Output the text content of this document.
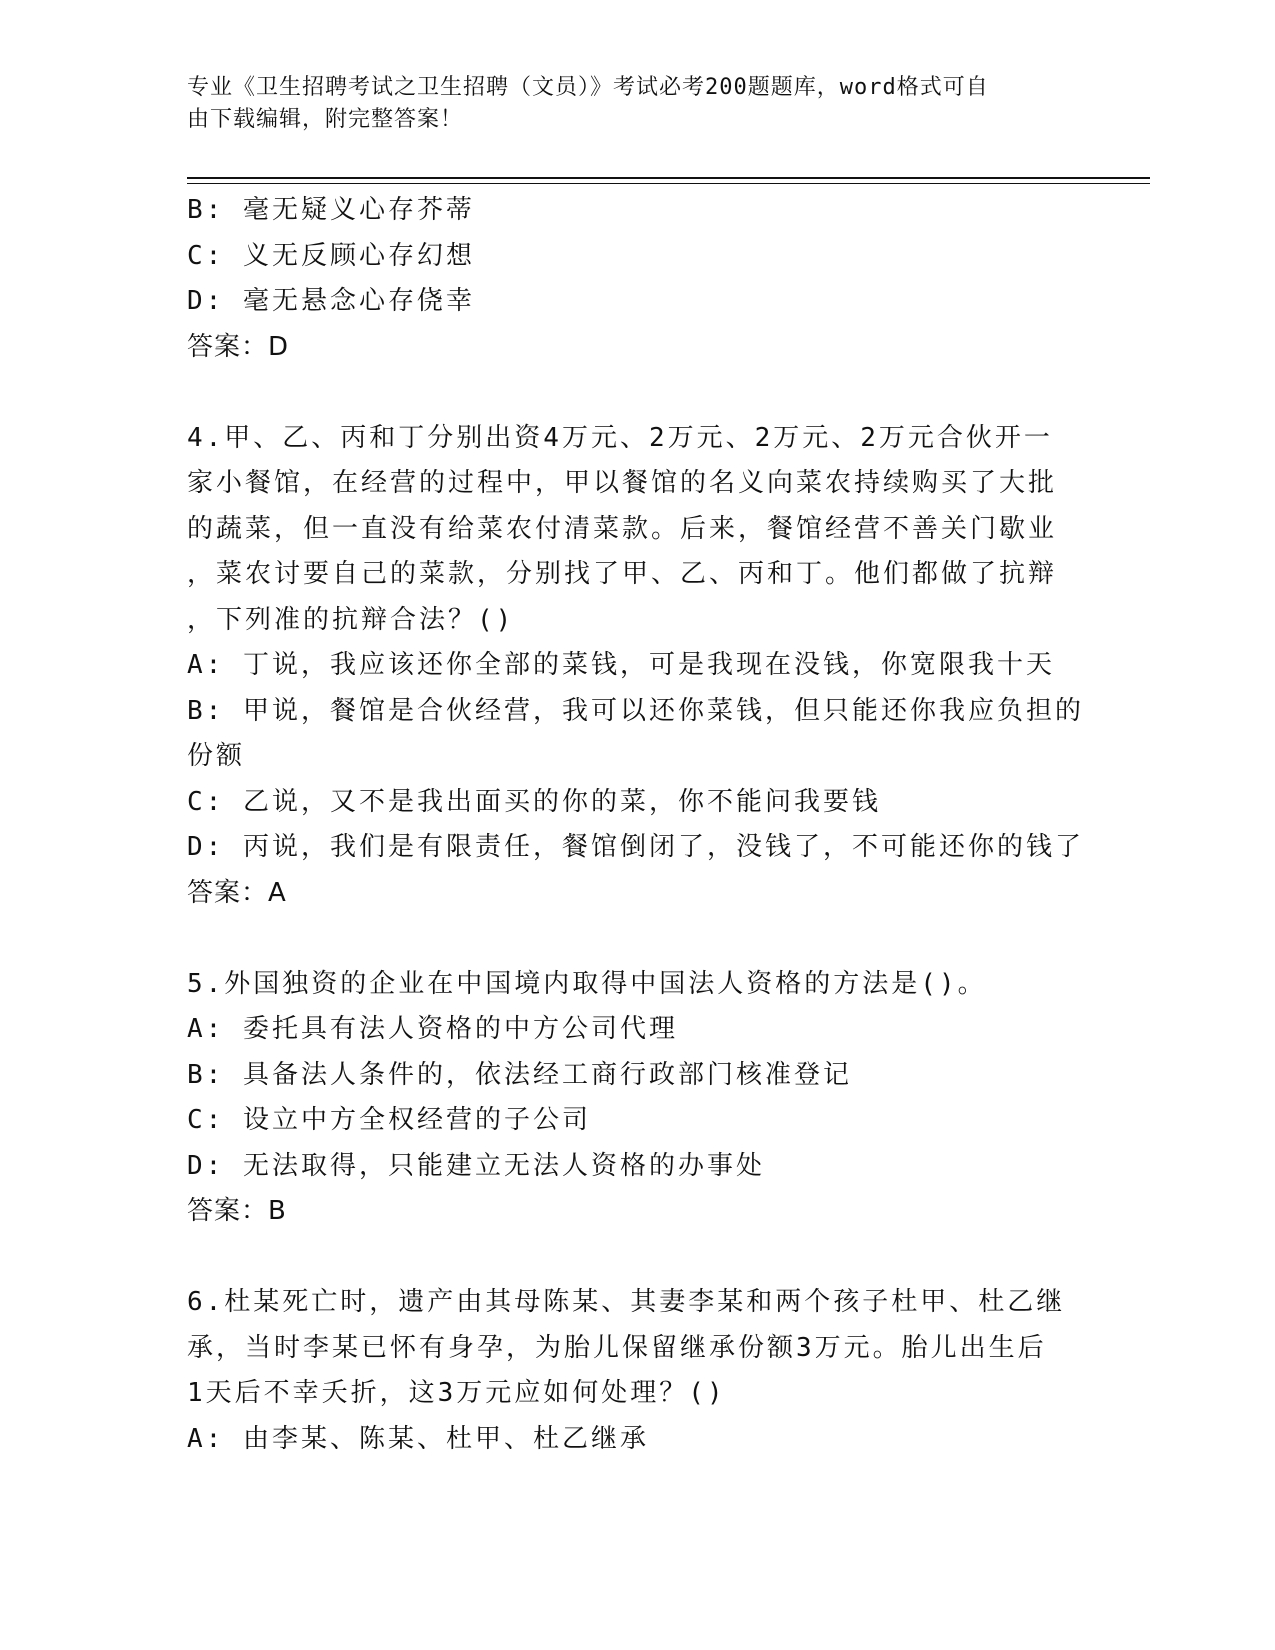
专业《卫生招聘考试之卫生招聘（文员）》考试必考200题题库，word格式可自
由下载编辑，附完整答案！
B: 毫无疑义心存芥蒂
C: 义无反顾心存幻想
D: 毫无悬念心存侥幸
答案：D
4.甲、乙、丙和丁分别出资4万元、2万元、2万元、2万元合伙开一
家小餐馆，在经营的过程中，甲以餐馆的名义向菜农持续购买了大批
的蔬菜，但一直没有给菜农付清菜款。后来，餐馆经营不善关门歇业
，菜农讨要自己的菜款，分别找了甲、乙、丙和丁。他们都做了抗辩
，下列准的抗辩合法？()
A: 丁说，我应该还你全部的菜钱，可是我现在没钱，你宽限我十天
B: 甲说，餐馆是合伙经营，我可以还你菜钱，但只能还你我应负担的
份额
C: 乙说，又不是我出面买的你的菜，你不能问我要钱
D: 丙说，我们是有限责任，餐馆倒闭了，没钱了，不可能还你的钱了
答案：A
5.外国独资的企业在中国境内取得中国法人资格的方法是()。
A: 委托具有法人资格的中方公司代理
B: 具备法人条件的，依法经工商行政部门核准登记
C: 设立中方全权经营的子公司
D: 无法取得，只能建立无法人资格的办事处
答案：B
6.杜某死亡时，遗产由其母陈某、其妻李某和两个孩子杜甲、杜乙继
承，当时李某已怀有身孕，为胎儿保留继承份额3万元。胎儿出生后
1天后不幸夭折，这3万元应如何处理？()
A: 由李某、陈某、杜甲、杜乙继承
